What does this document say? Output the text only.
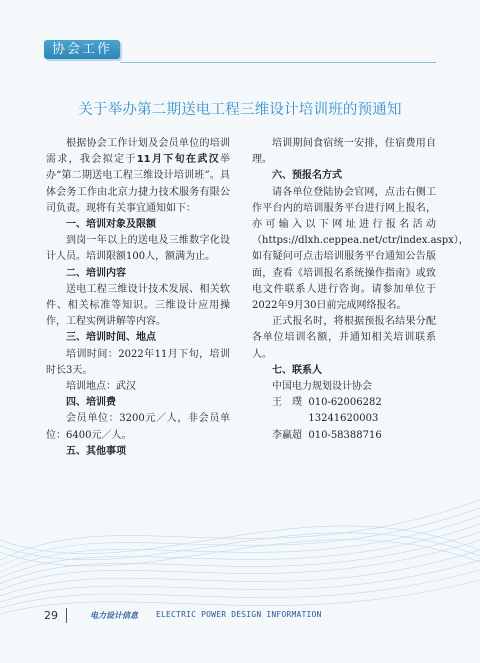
协会工作
关于举办第二期送电工程三维设计培训班的预通知

根据协会工作计划及会员单位的培训需求，我会拟定于11月下旬在武汉举办“第二期送电工程三维设计培训班”。具体会务工作由北京力捷力技术服务有限公司负责。现将有关事宜通知如下：

一、培训对象及限额

到岗一年以上的送电及三维数字化设计人员。培训限额100人，额满为止。

二、培训内容

送电工程三维设计技术发展、相关软件、相关标准等知识。三维设计应用操作，工程实例讲解等内容。

三、培训时间、地点

培训时间：2022年11月下旬，培训时长3天。

培训地点：武汉

四、培训费

会员单位：3200元／人，非会员单位：6400元／人。

五、其他事项

培训期间食宿统一安排，住宿费用自理。

六、预报名方式

请各单位登陆协会官网，点击右侧工作平台内的培训服务平台进行网上报名，亦可输入以下网址进行报名活动（https://dlxh.ceppea.net/ctr/index.aspx），如有疑问可点击培训服务平台通知公告版面，查看《培训报名系统操作指南》或致电文件联系人进行咨询。请参加单位于2022年9月30日前完成网络报名。

正式报名时，将根据预报名结果分配各单位培训名额，并通知相关培训联系人。

七、联系人

中国电力规划设计协会

王　璞  010-62006282

　　　  13241620003

李赢超  010-58388716

29	电力设计信息 ELECTRIC POWER DESIGN INFORMATION
